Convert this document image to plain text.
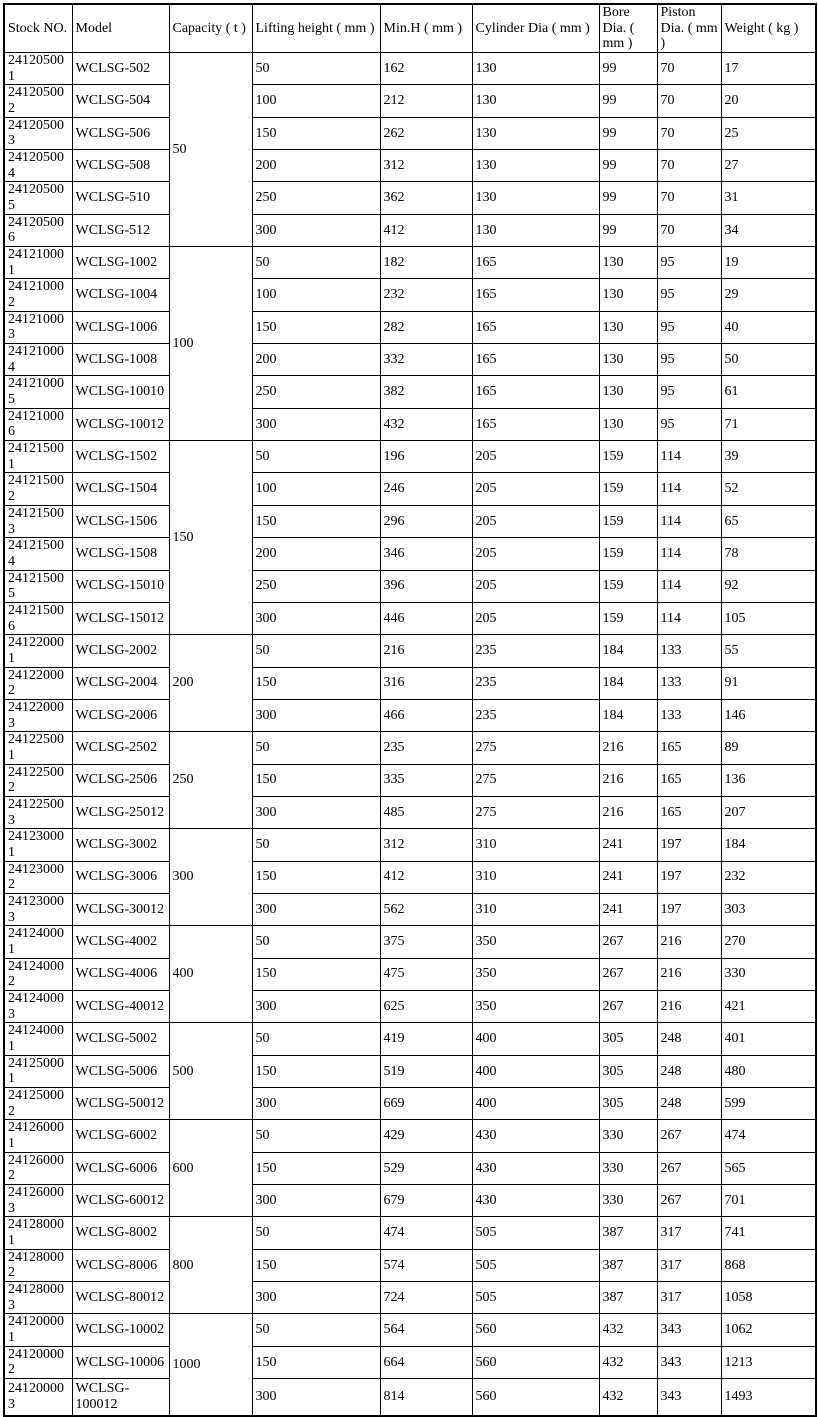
Stock NO.	Model	Capacity ( t )	Lifting height ( mm )	Min.H ( mm )	Cylinder Dia ( mm )	Bore Dia. ( mm )	Piston Dia. ( mm )	Weight ( kg )
241205001	WCLSG-502	50	50	162	130	99	70	17
241205002	WCLSG-504		100	212	130	99	70	20
241205003	WCLSG-506		150	262	130	99	70	25
241205004	WCLSG-508		200	312	130	99	70	27
241205005	WCLSG-510		250	362	130	99	70	31
241205006	WCLSG-512		300	412	130	99	70	34
241210001	WCLSG-1002	100	50	182	165	130	95	19
241210002	WCLSG-1004		100	232	165	130	95	29
241210003	WCLSG-1006		150	282	165	130	95	40
241210004	WCLSG-1008		200	332	165	130	95	50
241210005	WCLSG-10010		250	382	165	130	95	61
241210006	WCLSG-10012		300	432	165	130	95	71
241215001	WCLSG-1502	150	50	196	205	159	114	39
241215002	WCLSG-1504		100	246	205	159	114	52
241215003	WCLSG-1506		150	296	205	159	114	65
241215004	WCLSG-1508		200	346	205	159	114	78
241215005	WCLSG-15010		250	396	205	159	114	92
241215006	WCLSG-15012		300	446	205	159	114	105
241220001	WCLSG-2002	200	50	216	235	184	133	55
241220002	WCLSG-2004		150	316	235	184	133	91
241220003	WCLSG-2006		300	466	235	184	133	146
241225001	WCLSG-2502	250	50	235	275	216	165	89
241225002	WCLSG-2506		150	335	275	216	165	136
241225003	WCLSG-25012		300	485	275	216	165	207
241230001	WCLSG-3002	300	50	312	310	241	197	184
241230002	WCLSG-3006		150	412	310	241	197	232
241230003	WCLSG-30012		300	562	310	241	197	303
241240001	WCLSG-4002	400	50	375	350	267	216	270
241240002	WCLSG-4006		150	475	350	267	216	330
241240003	WCLSG-40012		300	625	350	267	216	421
241240001	WCLSG-5002	500	50	419	400	305	248	401
241250001	WCLSG-5006		150	519	400	305	248	480
241250002	WCLSG-50012		300	669	400	305	248	599
241260001	WCLSG-6002	600	50	429	430	330	267	474
241260002	WCLSG-6006		150	529	430	330	267	565
241260003	WCLSG-60012		300	679	430	330	267	701
241280001	WCLSG-8002	800	50	474	505	387	317	741
241280002	WCLSG-8006		150	574	505	387	317	868
241280003	WCLSG-80012		300	724	505	387	317	1058
241200001	WCLSG-10002	1000	50	564	560	432	343	1062
241200002	WCLSG-10006		150	664	560	432	343	1213
241200003	WCLSG-100012		300	814	560	432	343	1493
